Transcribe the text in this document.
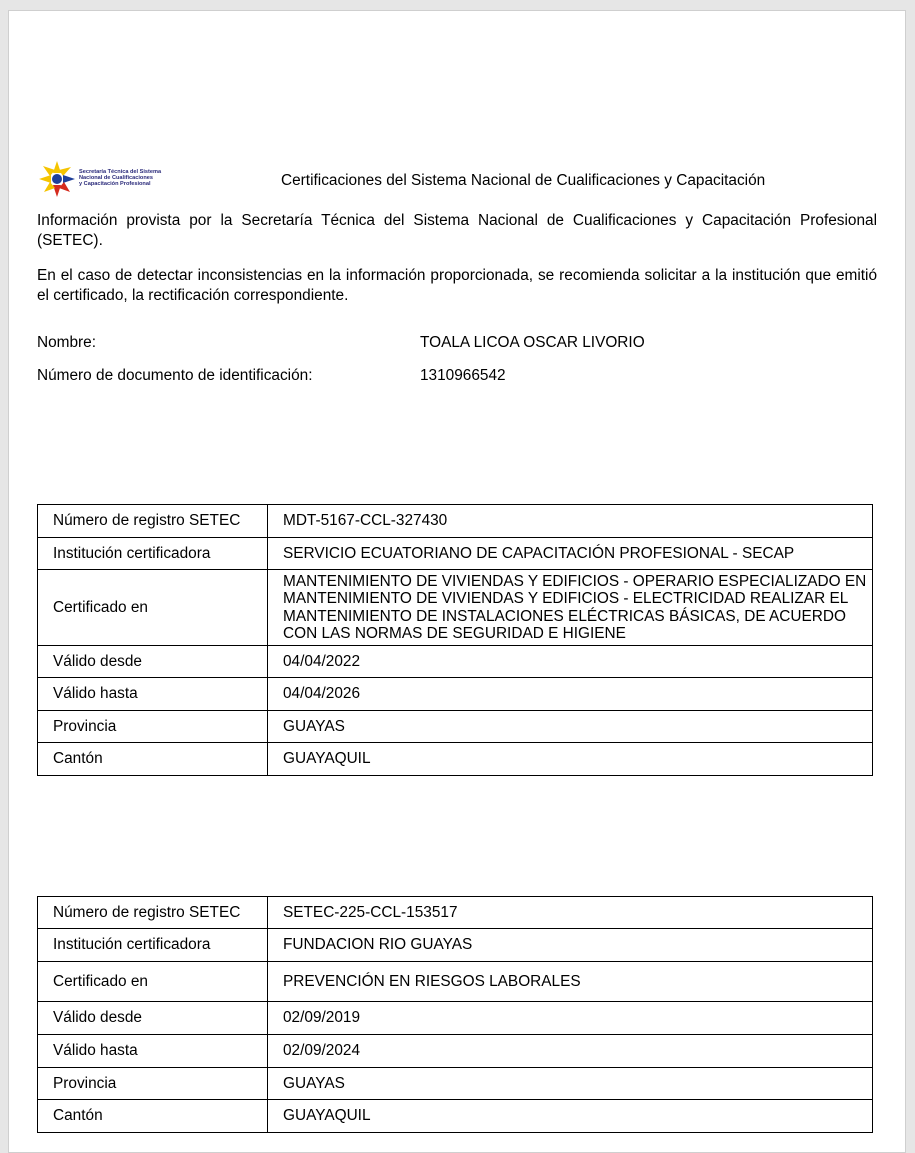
Secretaría Técnica del Sistema
Nacional de Cualificaciones
y Capacitación Profesional	Certificaciones del Sistema Nacional de Cualificaciones y Capacitación
Información provista por la Secretaría Técnica del Sistema Nacional de Cualificaciones y Capacitación Profesional (SETEC).
En el caso de detectar inconsistencias en la información proporcionada, se recomienda solicitar a la institución que emitió el certificado, la rectificación correspondiente.
Nombre:	TOALA LICOA OSCAR LIVORIO
Número de documento de identificación:	1310966542
Número de registro SETEC	MDT-5167-CCL-327430
Institución certificadora	SERVICIO ECUATORIANO DE CAPACITACIÓN PROFESIONAL - SECAP
Certificado en	MANTENIMIENTO DE VIVIENDAS Y EDIFICIOS - OPERARIO ESPECIALIZADO EN MANTENIMIENTO DE VIVIENDAS Y EDIFICIOS - ELECTRICIDAD REALIZAR EL MANTENIMIENTO DE INSTALACIONES ELÉCTRICAS BÁSICAS, DE ACUERDO CON LAS NORMAS DE SEGURIDAD E HIGIENE
Válido desde	04/04/2022
Válido hasta	04/04/2026
Provincia	GUAYAS
Cantón	GUAYAQUIL
Número de registro SETEC	SETEC-225-CCL-153517
Institución certificadora	FUNDACION RIO GUAYAS
Certificado en	PREVENCIÓN EN RIESGOS LABORALES
Válido desde	02/09/2019
Válido hasta	02/09/2024
Provincia	GUAYAS
Cantón	GUAYAQUIL
